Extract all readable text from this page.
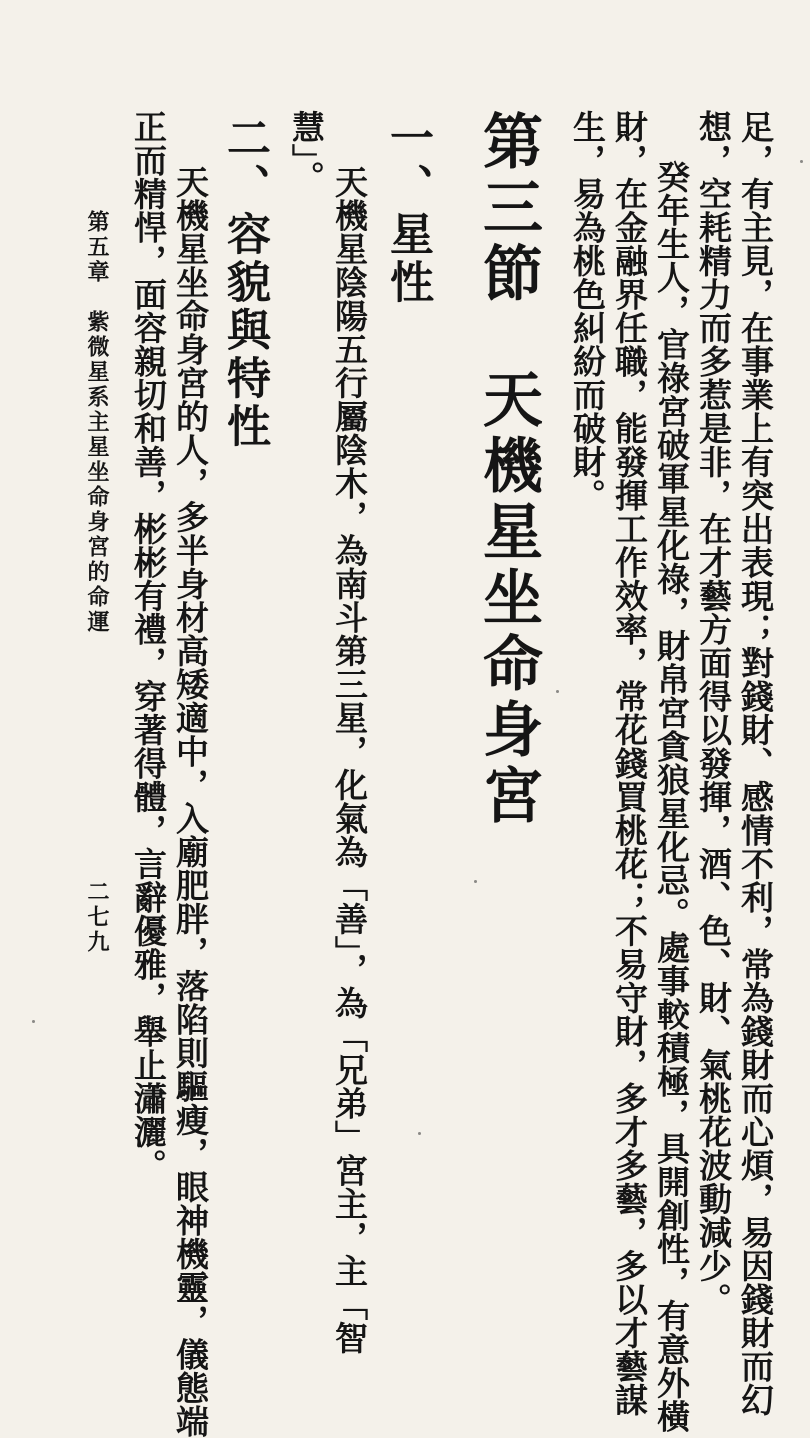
足，有主見，在事業上有突出表現；對錢財、感情不利，常為錢財而心煩，易因錢財而幻
想，空耗精力而多惹是非，在才藝方面得以發揮，酒、色、財、氣桃花波動減少。
癸年生人，官祿宮破軍星化祿，財帛宮貪狼星化忌。處事較積極，具開創性，有意外橫
財，在金融界任職，能發揮工作效率，常花錢買桃花；不易守財，多才多藝，多以才藝謀
生，易為桃色糾紛而破財。
第三節天機星坐命身宮
一、星性
天機星陰陽五行屬陰木，為南斗第三星，化氣為「善」，為「兄弟」宮主，主「智
慧」。
二、容貌與特性
天機星坐命身宮的人，多半身材高矮適中，入廟肥胖，落陷則驅瘦，眼神機靈，儀態端
正而精悍，面容親切和善，彬彬有禮，穿著得體，言辭優雅，舉止瀟灑。
第五章　紫微星系主星坐命身宮的命運
二七九
